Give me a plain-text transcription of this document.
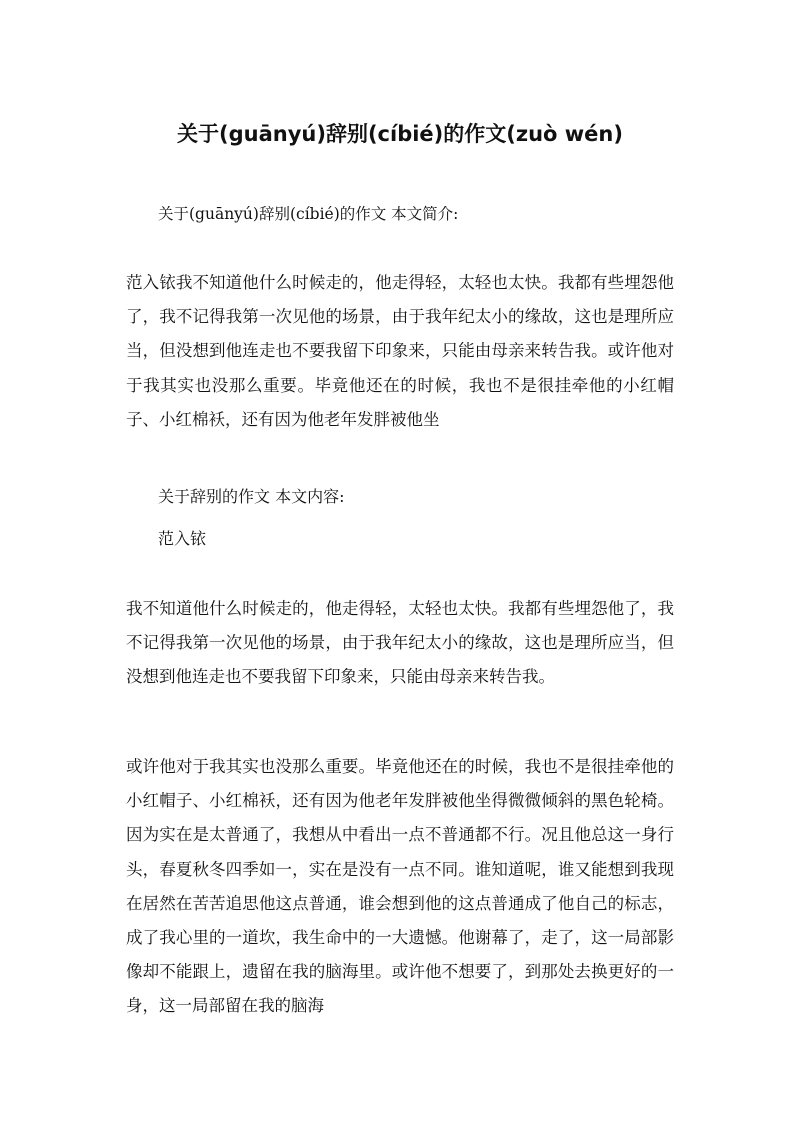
关于(guānyú)辞别(cíbié)的作文(zuò wén)
关于(guānyú)辞别(cíbié)的作文 本文简介:

范入铱我不知道他什么时候走的，他走得轻，太轻也太快。我都有些埋怨他了，我不记得我第一次见他的场景，由于我年纪太小的缘故，这也是理所应当，但没想到他连走也不要我留下印象来，只能由母亲来转告我。或许他对于我其实也没那么重要。毕竟他还在的时候，我也不是很挂牵他的小红帽子、小红棉袄，还有因为他老年发胖被他坐

关于辞别的作文 本文内容:
范入铱

我不知道他什么时候走的，他走得轻，太轻也太快。我都有些埋怨他了，我不记得我第一次见他的场景，由于我年纪太小的缘故，这也是理所应当，但没想到他连走也不要我留下印象来，只能由母亲来转告我。

或许他对于我其实也没那么重要。毕竟他还在的时候，我也不是很挂牵他的小红帽子、小红棉袄，还有因为他老年发胖被他坐得微微倾斜的黑色轮椅。因为实在是太普通了，我想从中看出一点不普通都不行。况且他总这一身行头，春夏秋冬四季如一，实在是没有一点不同。谁知道呢，谁又能想到我现在居然在苦苦追思他这点普通，谁会想到他的这点普通成了他自己的标志，成了我心里的一道坎，我生命中的一大遗憾。他谢幕了，走了，这一局部影像却不能跟上，遗留在我的脑海里。或许他不想要了，到那处去换更好的一身，这一局部留在我的脑海
